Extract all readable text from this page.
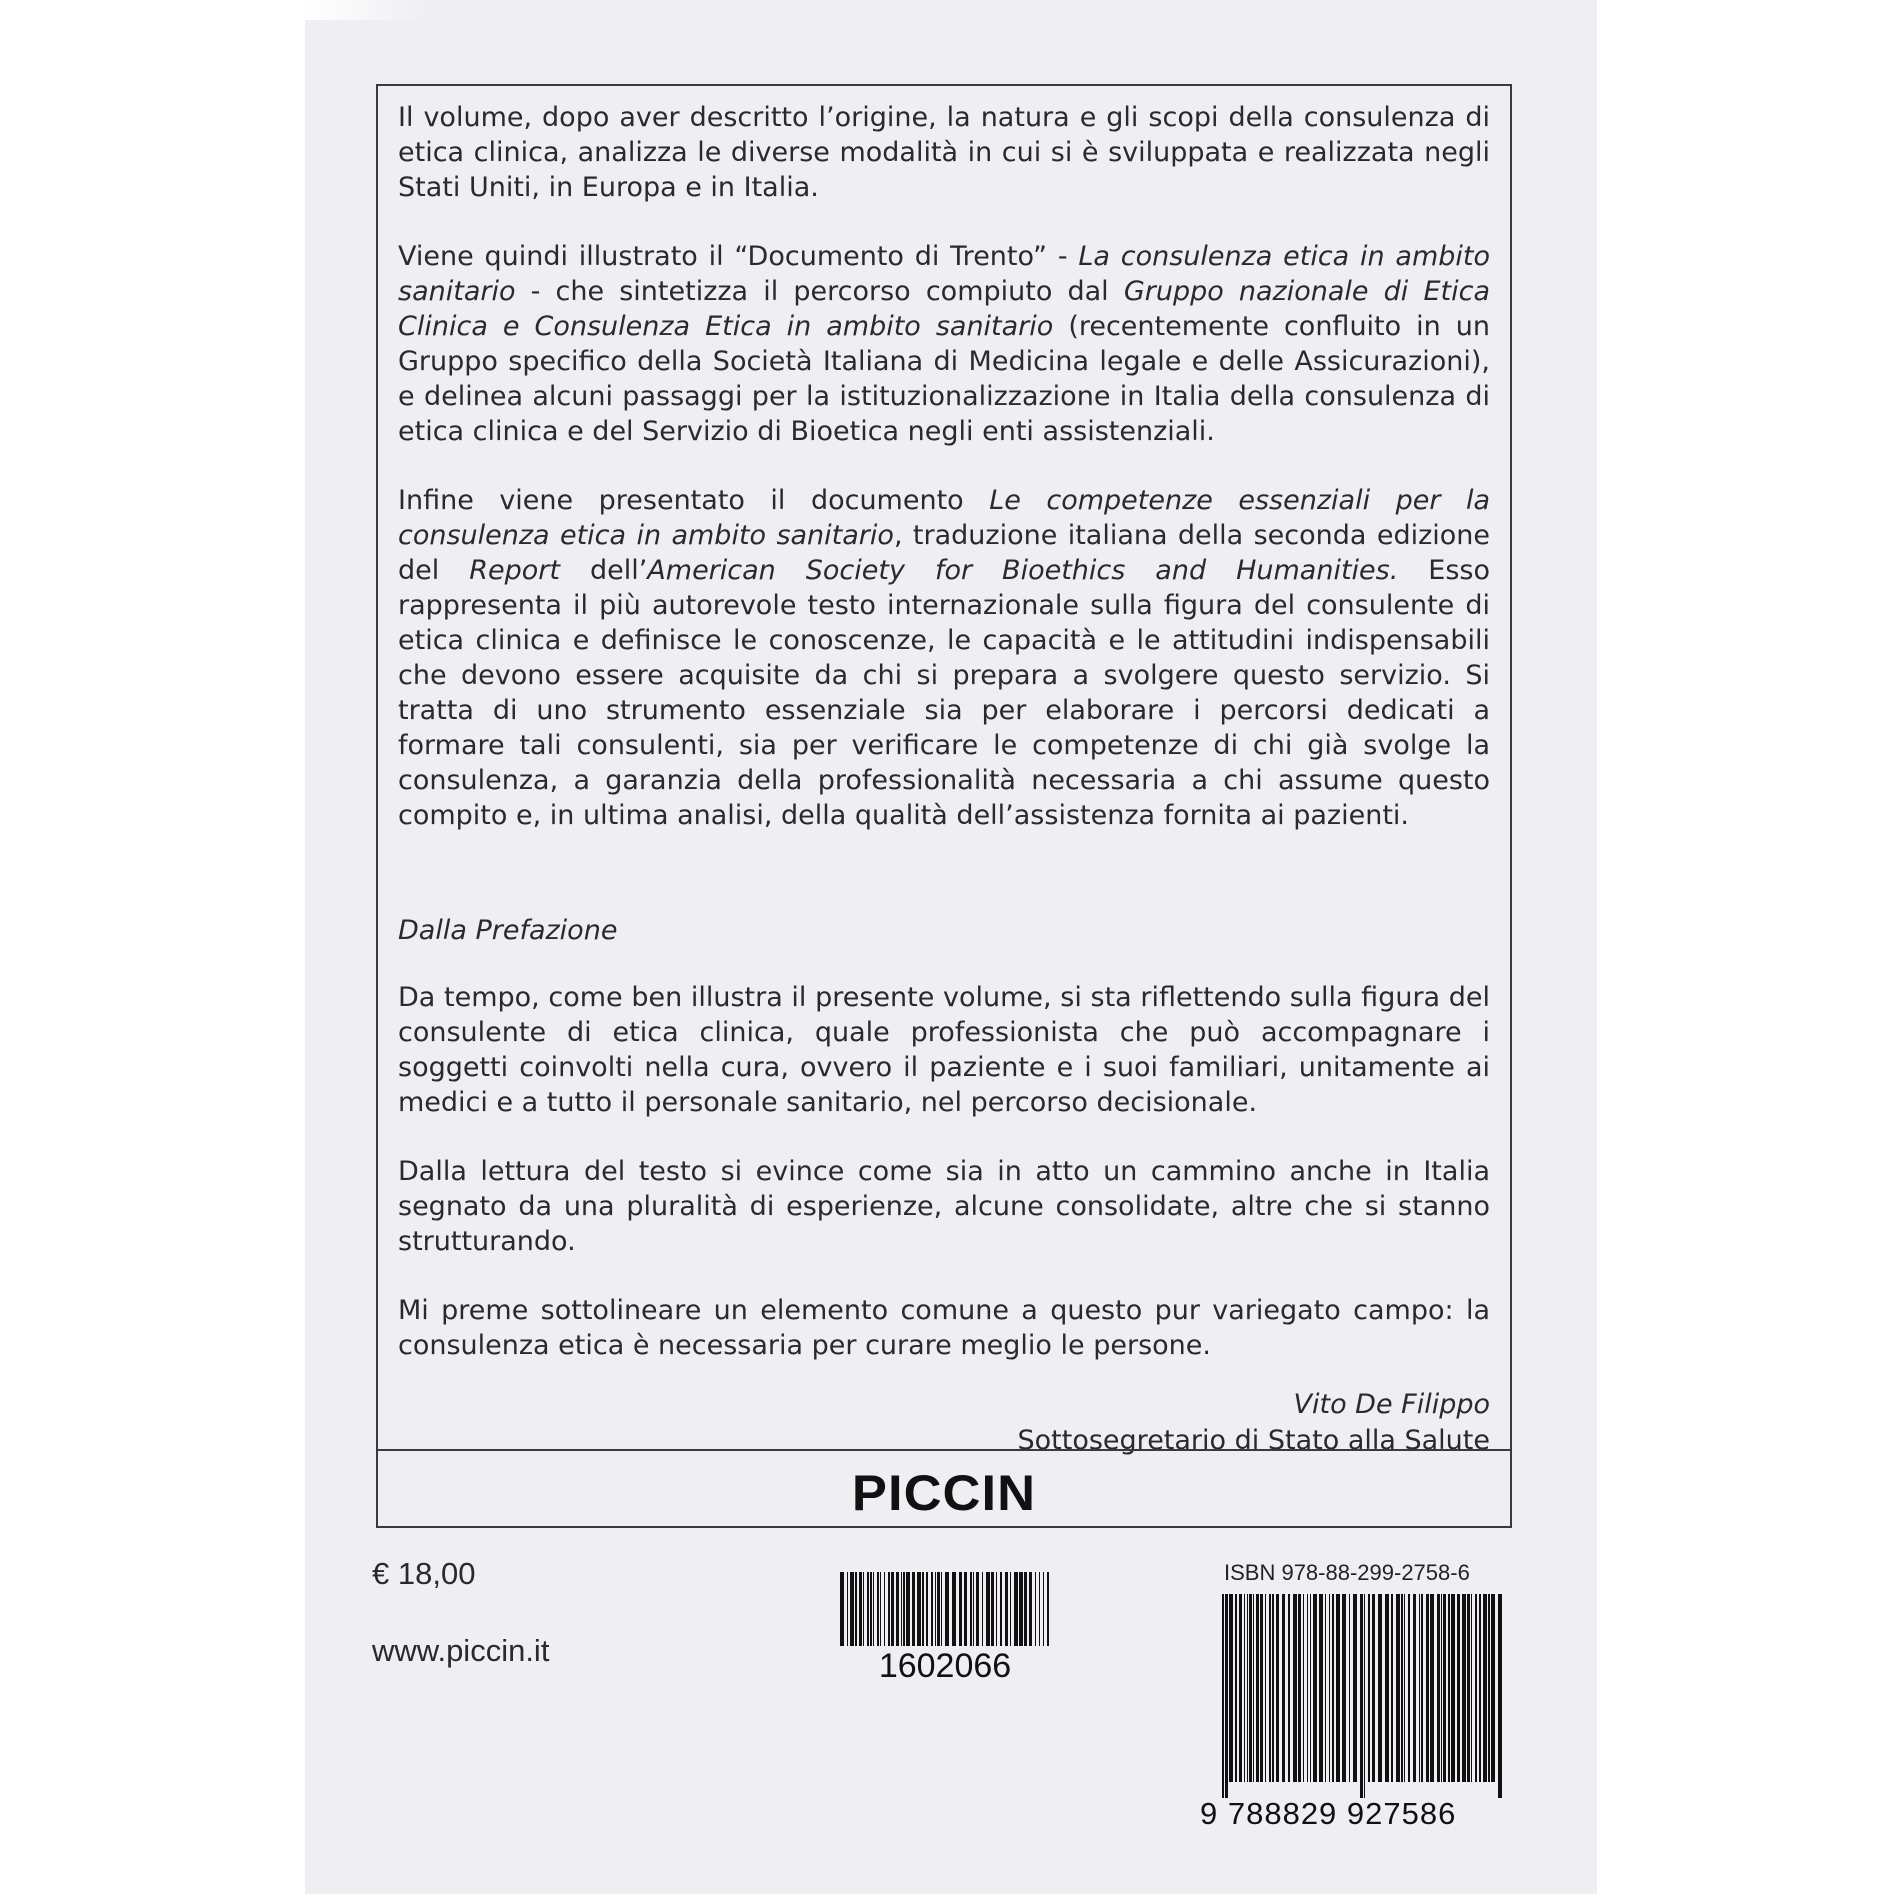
Il volume, dopo aver descritto l’origine, la natura e gli scopi della consulenza di etica clinica, analizza le diverse modalità in cui si è sviluppata e realizzata negli Stati Uniti, in Europa e in Italia.

Viene quindi illustrato il “Documento di Trento” - La consulenza etica in ambito sanitario - che sintetizza il percorso compiuto dal Gruppo nazionale di Etica Clinica e Consulenza Etica in ambito sanitario (recentemente confluito in un Gruppo specifico della Società Italiana di Medicina legale e delle Assicurazioni), e delinea alcuni passaggi per la istituzionalizzazione in Italia della consulenza di etica clinica e del Servizio di Bioetica negli enti assistenziali.

Infine viene presentato il documento Le competenze essenziali per la consulenza etica in ambito sanitario, traduzione italiana della seconda edizione del Report dell’American Society for Bioethics and Humanities. Esso rappresenta il più autorevole testo internazionale sulla figura del consulente di etica clinica e definisce le conoscenze, le capacità e le attitudini indispensabili che devono essere acquisite da chi si prepara a svolgere questo servizio. Si tratta di uno strumento essenziale sia per elaborare i percorsi dedicati a formare tali consulenti, sia per verificare le competenze di chi già svolge la consulenza, a garanzia della professionalità necessaria a chi assume questo compito e, in ultima analisi, della qualità dell’assistenza fornita ai pazienti.

Dalla Prefazione

Da tempo, come ben illustra il presente volume, si sta riflettendo sulla figura del consulente di etica clinica, quale professionista che può accompagnare i soggetti coinvolti nella cura, ovvero il paziente e i suoi familiari, unitamente ai medici e a tutto il personale sanitario, nel percorso decisionale.

Dalla lettura del testo si evince come sia in atto un cammino anche in Italia segnato da una pluralità di esperienze, alcune consolidate, altre che si stanno strutturando.

Mi preme sottolineare un elemento comune a questo pur variegato campo: la consulenza etica è necessaria per curare meglio le persone.

Vito De Filippo
Sottosegretario di Stato alla Salute
PICCIN
€ 18,00
www.piccin.it	1602066
ISBN 978-88-299-2758-6
9 788829 927586
